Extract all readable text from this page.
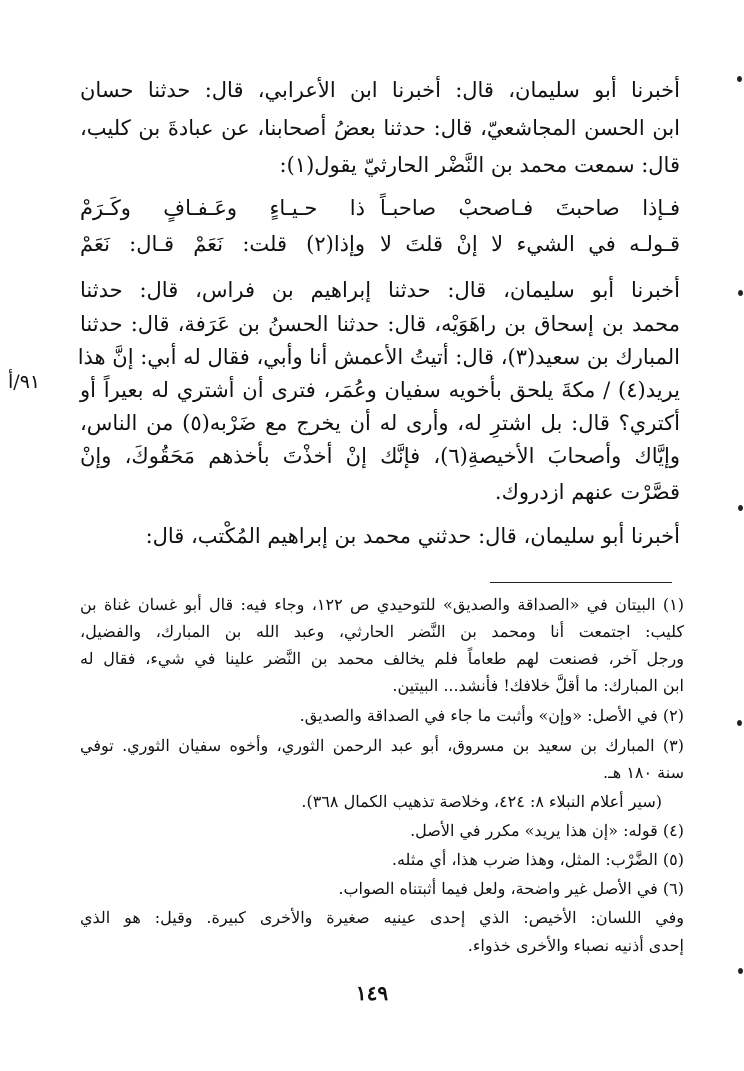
أخبرنا أبو سليمان، قال: أخبرنا ابن الأعرابي، قال: حدثنا حسان
ابن الحسن المجاشعيّ، قال: حدثنا بعضُ أصحابنا، عن عبادةَ بن كليب،
قال: سمعت محمد بن النَّضْر الحارثيّ يقول(١):
فـإذا صاحبتَ فـاصحبْ صاحبـاً
ذا حـيـاءٍ وعَـفـافٍ وكَـرَمْ
قـولـه في الشيء لا إنْ قلتَ لا
وإذا(٢) قلت: نَعَمْ قـال: نَعَمْ
أخبرنا أبو سليمان، قال: حدثنا إبراهيم بن فراس، قال: حدثنا
محمد بن إسحاق بن راهَوَيْه، قال: حدثنا الحسنُ بن عَرَفة، قال: حدثنا
المبارك بن سعيد(٣)، قال: أتيتُ الأعمش أنا وأبي، فقال له أبي: إنَّ هذا
يريد(٤) / مكةَ يلحق بأخويه سفيان وعُمَر، فترى أن أشتري له بعيراً أو
أكتري؟ قال: بل اشترِ له، وأرى له أن يخرج مع ضَرْبه(٥) من الناس،
وإيَّاك وأصحابَ الأخيصةِ(٦)، فإنَّك إنْ أخذْتَ بأخذهم مَحَقُوكَ، وإنْ
قصَّرْت عنهم ازدروك.
أخبرنا أبو سليمان، قال: حدثني محمد بن إبراهيم المُكْتب، قال:
٩١/أ
(١) البيتان في «الصداقة والصديق» للتوحيدي ص ١٢٢، وجاء فيه: قال أبو غسان غناة بن
كليب: اجتمعت أنا ومحمد بن النَّضر الحارثي، وعبد الله بن المبارك، والفضيل،
ورجل آخر، فصنعت لهم طعاماً فلم يخالف محمد بن النَّضر علينا في شيء، فقال له
ابن المبارك: ما أقلَّ خلافك! فأنشد... البيتين.
(٢) في الأصل: «وإن» وأثبت ما جاء في الصداقة والصديق.
(٣) المبارك بن سعيد بن مسروق، أبو عبد الرحمن الثوري، وأخوه سفيان الثوري. توفي
سنة ١٨٠ هـ.
(سير أعلام النبلاء ٨: ٤٢٤، وخلاصة تذهيب الكمال ٣٦٨).
(٤) قوله: «إن هذا يريد» مكرر في الأصل.
(٥) الضَّرْب: المثل، وهذا ضرب هذا، أي مثله.
(٦) في الأصل غير واضحة، ولعل فيما أثبتناه الصواب.
وفي اللسان: الأخيص: الذي إحدى عينيه صغيرة والأخرى كبيرة. وقيل: هو الذي
إحدى أذنيه نصباء والأخرى خذواء.
١٤٩
